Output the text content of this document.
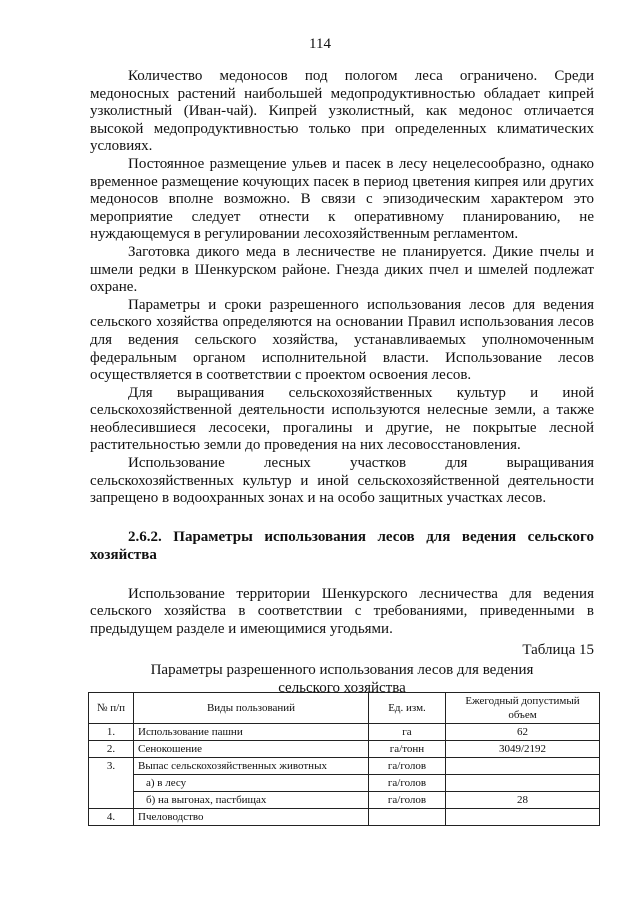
114

Количество медоносов под пологом леса ограничено. Среди медоносных растений наибольшей медопродуктивностью обладает кипрей узколистный (Иван-чай). Кипрей узколистный, как медонос отличается высокой медопродуктивностью только при определенных климатических условиях.

Постоянное размещение ульев и пасек в лесу нецелесообразно, однако временное размещение кочующих пасек в период цветения кипрея или других медоносов вполне возможно. В связи с эпизодическим характером это мероприятие следует отнести к оперативному планированию, не нуждающемуся в регулировании лесохозяйственным регламентом.

Заготовка дикого меда в лесничестве не планируется. Дикие пчелы и шмели редки в Шенкурском районе. Гнезда диких пчел и шмелей подлежат охране.

Параметры и сроки разрешенного использования лесов для ведения сельского хозяйства определяются на основании Правил использования лесов для ведения сельского хозяйства, устанавливаемых уполномоченным федеральным органом исполнительной власти. Использование лесов осуществляется в соответствии с проектом освоения лесов.

Для выращивания сельскохозяйственных культур и иной сельскохозяйственной деятельности используются нелесные земли, а также необлесившиеся лесосеки, прогалины и другие, не покрытые лесной растительностью земли до проведения на них лесовосстановления.

Использование лесных участков для выращивания сельскохозяйственных культур и иной сельскохозяйственной деятельности запрещено в водоохранных зонах и на особо защитных участках лесов.

2.6.2. Параметры использования лесов для ведения сельского хозяйства

Использование территории Шенкурского лесничества для ведения сельского хозяйства в соответствии с требованиями, приведенными в предыдущем разделе и имеющимися угодьями.

Таблица 15

Параметры разрешенного использования лесов для ведения сельского хозяйства

№ п/п	Виды пользований	Ед. изм.	Ежегодный допустимый объем
1.	Использование пашни	га	62
2.	Сенокошение	га/тонн	3049/2192
3.	Выпас сельскохозяйственных животных	га/голов	
	а) в лесу	га/голов	
	б) на выгонах, пастбищах	га/голов	28
4.	Пчеловодство		
